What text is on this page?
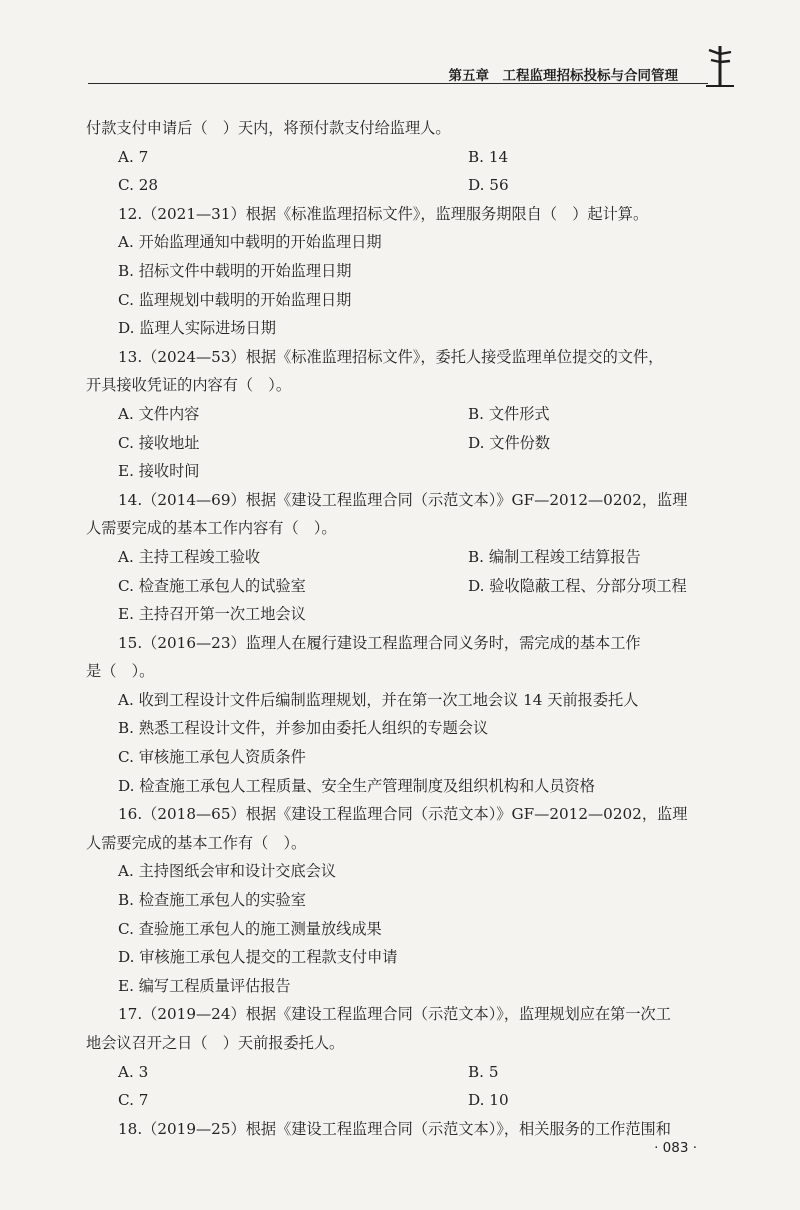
第五章　工程监理招标投标与合同管理
付款支付申请后（　）天内，将预付款支付给监理人。
A. 7	B. 14
C. 28	D. 56
12.（2021—31）根据《标准监理招标文件》，监理服务期限自（　）起计算。
A. 开始监理通知中载明的开始监理日期
B. 招标文件中载明的开始监理日期
C. 监理规划中载明的开始监理日期
D. 监理人实际进场日期
13.（2024—53）根据《标准监理招标文件》，委托人接受监理单位提交的文件，
开具接收凭证的内容有（　）。
A. 文件内容	B. 文件形式
C. 接收地址	D. 文件份数
E. 接收时间
14.（2014—69）根据《建设工程监理合同（示范文本）》GF—2012—0202，监理
人需要完成的基本工作内容有（　）。
A. 主持工程竣工验收	B. 编制工程竣工结算报告
C. 检查施工承包人的试验室	D. 验收隐蔽工程、分部分项工程
E. 主持召开第一次工地会议
15.（2016—23）监理人在履行建设工程监理合同义务时，需完成的基本工作
是（　）。
A. 收到工程设计文件后编制监理规划，并在第一次工地会议 14 天前报委托人
B. 熟悉工程设计文件，并参加由委托人组织的专题会议
C. 审核施工承包人资质条件
D. 检查施工承包人工程质量、安全生产管理制度及组织机构和人员资格
16.（2018—65）根据《建设工程监理合同（示范文本）》GF—2012—0202，监理
人需要完成的基本工作有（　）。
A. 主持图纸会审和设计交底会议
B. 检查施工承包人的实验室
C. 查验施工承包人的施工测量放线成果
D. 审核施工承包人提交的工程款支付申请
E. 编写工程质量评估报告
17.（2019—24）根据《建设工程监理合同（示范文本）》，监理规划应在第一次工
地会议召开之日（　）天前报委托人。
A. 3	B. 5
C. 7	D. 10
18.（2019—25）根据《建设工程监理合同（示范文本）》，相关服务的工作范围和
· 083 ·
